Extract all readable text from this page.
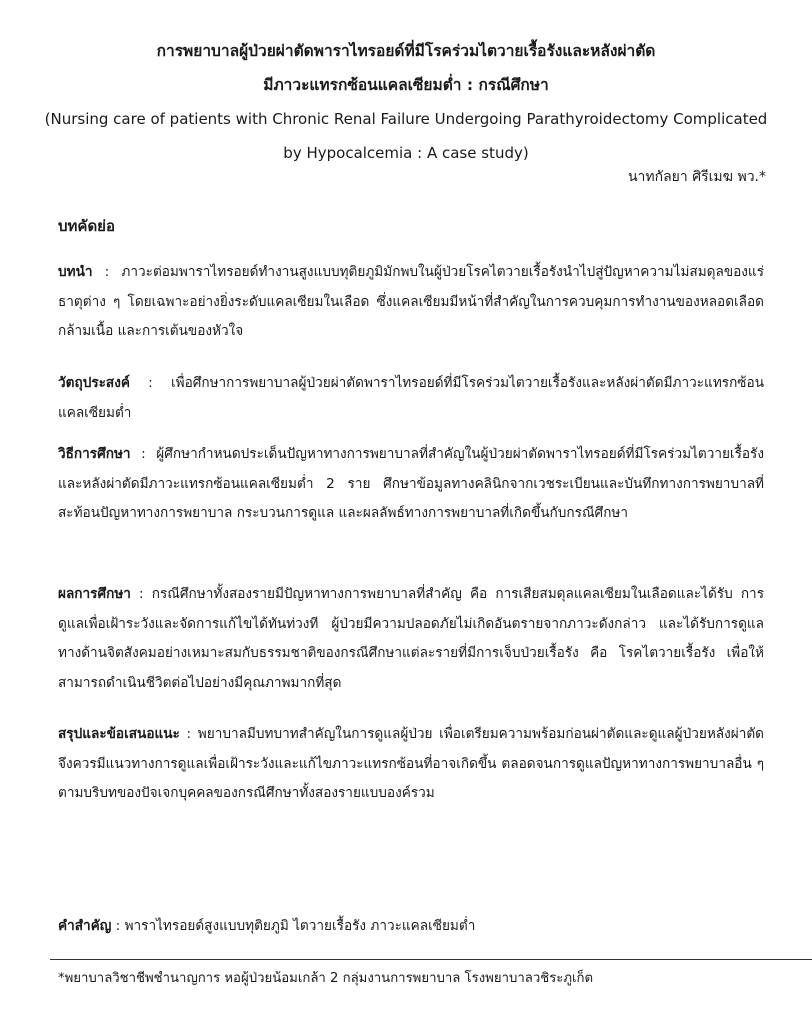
การพยาบาลผู้ป่วยผ่าตัดพาราไทรอยด์ที่มีโรคร่วมไตวายเรื้อรังและหลังผ่าตัด

มีภาวะแทรกซ้อนแคลเซียมต่ำ : กรณีศึกษา

(Nursing care of patients with Chronic Renal Failure Undergoing Parathyroidectomy Complicated

by Hypocalcemia : A case study)

นาทกัลยา ศิรีเมฆ พว.*
บทคัดย่อ

บทนำ : ภาวะต่อมพาราไทรอยด์ทำงานสูงแบบทุติยภูมิมักพบในผู้ป่วยโรคไตวายเรื้อรังนำไปสู่ปัญหาความไม่สมดุลของแร่ธาตุต่าง ๆ โดยเฉพาะอย่างยิ่งระดับแคลเซียมในเลือด ซึ่งแคลเซียมมีหน้าที่สำคัญในการควบคุมการทำงานของหลอดเลือด กล้ามเนื้อ และการเต้นของหัวใจ

วัตถุประสงค์ : เพื่อศึกษาการพยาบาลผู้ป่วยผ่าตัดพาราไทรอยด์ที่มีโรคร่วมไตวายเรื้อรังและหลังผ่าตัดมีภาวะแทรกซ้อนแคลเซียมต่ำ

วิธีการศึกษา : ผู้ศึกษากำหนดประเด็นปัญหาทางการพยาบาลที่สำคัญในผู้ป่วยผ่าตัดพาราไทรอยด์ที่มีโรคร่วมไตวายเรื้อรังและหลังผ่าตัดมีภาวะแทรกซ้อนแคลเซียมต่ำ 2 ราย ศึกษาข้อมูลทางคลินิกจากเวชระเบียนและบันทึกทางการพยาบาลที่สะท้อนปัญหาทางการพยาบาล กระบวนการดูแล และผลลัพธ์ทางการพยาบาลที่เกิดขึ้นกับกรณีศึกษา

ผลการศึกษา : กรณีศึกษาทั้งสองรายมีปัญหาทางการพยาบาลที่สำคัญ คือ การเสียสมดุลแคลเซียมในเลือดและได้รับ การดูแลเพื่อเฝ้าระวังและจัดการแก้ไขได้ทันท่วงที ผู้ป่วยมีความปลอดภัยไม่เกิดอันตรายจากภาวะดังกล่าว และได้รับการดูแลทางด้านจิตสังคมอย่างเหมาะสมกับธรรมชาติของกรณีศึกษาแต่ละรายที่มีการเจ็บป่วยเรื้อรัง คือ โรคไตวายเรื้อรัง เพื่อให้สามารถดำเนินชีวิตต่อไปอย่างมีคุณภาพมากที่สุด

สรุปและข้อเสนอแนะ : พยาบาลมีบทบาทสำคัญในการดูแลผู้ป่วย เพื่อเตรียมความพร้อมก่อนผ่าตัดและดูแลผู้ป่วยหลังผ่าตัด จึงควรมีแนวทางการดูแลเพื่อเฝ้าระวังและแก้ไขภาวะแทรกซ้อนที่อาจเกิดขึ้น ตลอดจนการดูแลปัญหาทางการพยาบาลอื่น ๆ ตามบริบทของปัจเจกบุคคลของกรณีศึกษาทั้งสองรายแบบองค์รวม

คำสำคัญ : พาราไทรอยด์สูงแบบทุติยภูมิ ไตวายเรื้อรัง ภาวะแคลเซียมต่ำ
*พยาบาลวิชาชีพชำนาญการ หอผู้ป่วยน้อมเกล้า 2 กลุ่มงานการพยาบาล โรงพยาบาลวชิระภูเก็ต
